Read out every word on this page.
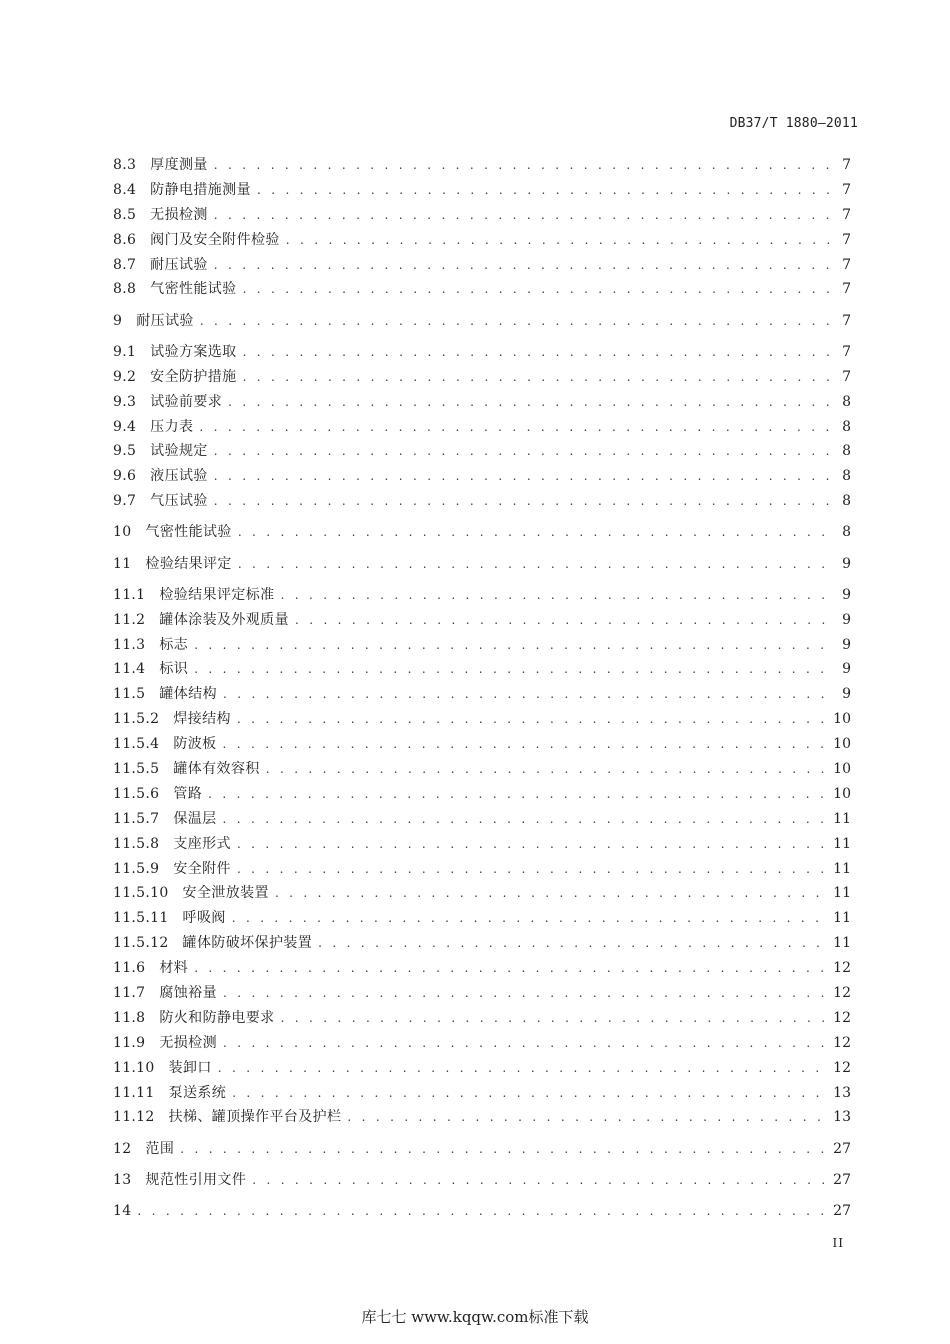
DB37/T 1880—2011
8.3 厚度测量 . . .	7
8.4 防静电措施测量 . . .	7
8.5 无损检测 . . .	7
8.6 阀门及安全附件检验 . . .	7
8.7 耐压试验 . . .	7
8.8 气密性能试验 . . .	7
9 耐压试验 . . .	7
9.1 试验方案选取 . . .	7
9.2 安全防护措施 . . .	7
9.3 试验前要求 . . .	8
9.4 压力表 . . .	8
9.5 试验规定 . . .	8
9.6 液压试验 . . .	8
9.7 气压试验 . . .	8
10 气密性能试验 . . .	8
11 检验结果评定 . . .	9
11.1 检验结果评定标准 . . .	9
11.2 罐体涂装及外观质量 . . .	9
11.3 标志 . . .	9
11.4 标识 . . .	9
11.5 罐体结构 . . .	9
11.5.2 焊接结构 . . .	10
11.5.4 防波板 . . .	10
11.5.5 罐体有效容积 . . .	10
11.5.6 管路 . . .	10
11.5.7 保温层 . . .	11
11.5.8 支座形式 . . .	11
11.5.9 安全附件 . . .	11
11.5.10 安全泄放装置 . . .	11
11.5.11 呼吸阀 . . .	11
11.5.12 罐体防破坏保护装置 . . .	11
11.6 材料 . . .	12
11.7 腐蚀裕量 . . .	12
11.8 防火和防静电要求 . . .	12
11.9 无损检测 . . .	12
11.10 装卸口 . . .	12
11.11 泵送系统 . . .	13
11.12 扶梯、罐顶操作平台及护栏 . . .	13
12 范围 . . .	27
13 规范性引用文件 . . .	27
14 . . .	27
II
库七七 www.kqqw.com标准下载
